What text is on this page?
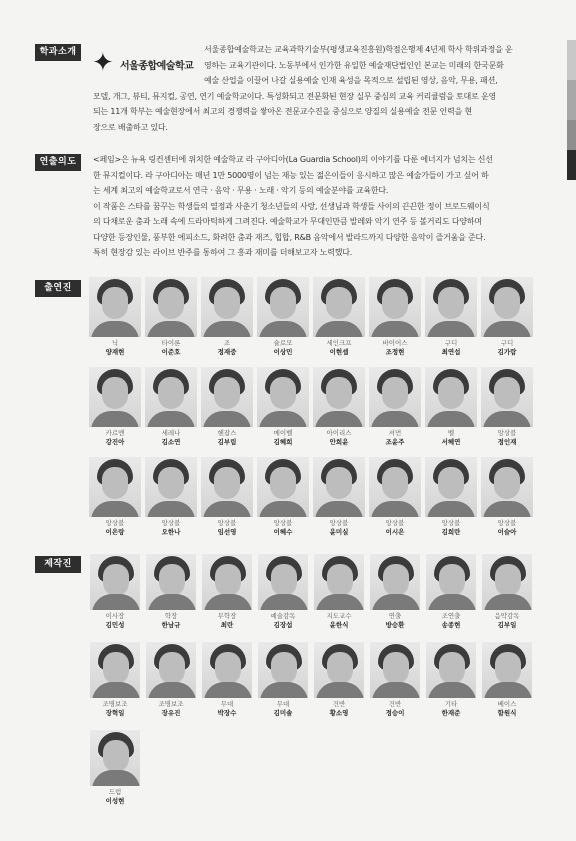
학과소개 ✦ 서울종합예술학교

서울종합예술학교는 교육과학기술부(평생교육진흥원)학점은행제 4년제 학사 학위과정을 운

영하는 교육기관이다. 노동부에서 인가한 유일한 예술재단법인인 본교는 미래의 한국문화

예술 산업을 이끌어 나갈 실용예술 인재 육성을 목적으로 설립된 영상, 음악, 무용, 패션,

모델, 개그, 뷰티, 뮤지컬, 공연, 연기 예술학교이다. 특성화되고 전문화된 현장 실무 중심의 교육 커리큘럼을 토대로 운영

되는 11개 학부는 예술현장에서 최고의 경쟁력을 쌓아온 전문교수진을 중심으로 양질의 실용예술 전문 인력을 현

장으로 배출하고 있다.

연출의도	<페임>은 뉴욕 링컨센터에 위치한 예술학교 라 구아디아(La Guardia School)의 이야기를 다룬 에너지가 넘치는 신선

한 뮤지컬이다. 라 구아디아는 매년 1만 5000명이 넘는 재능 있는 젊은이들이 응시하고 많은 예술가들이 가고 싶어 하

는 세계 최고의 예술학교로서 연극 · 음악 · 무용 · 노래 · 악기 등의 예술분야를 교육한다.

이 작품은 스타를 꿈꾸는 학생들의 열정과 사춘기 청소년들의 사랑, 선생님과 학생들 사이의 끈끈한 정이 브로드웨이식

의 다채로운 춤과 노래 속에 드라마틱하게 그려진다. 예술학교가 무대인만큼 발레와 악기 연주 등 볼거리도 다양하며

다양한 등장인물, 풍부한 에피소드, 화려한 춤과 재즈, 힙합, R&B 음악에서 발라드까지 다양한 음악이 즐거움을 준다.

특히 현장감 있는 라이브 반주를 통하여 그 흥과 재미를 더해보고자 노력했다.

출연진
닉
양재현
타이론
이준호
조
정재중
슐로모
이상민
세인크프
이현셉
바이어스
조정현
구디
최연섭
구디
김가람
카르멘
강진아
세레나
김소연
헨잡스
김부림
메이벨
김혜희
아이리스
안희윤
셔먼
조윤주
벨
서혜연
앙상블
정인재
앙상블
이은랑
앙상블
오한나
앙상블
임선영
앙상블
이혜수
앙상블
윤미실
앙상블
이시은
앙상블
김희란
앙상블
이슬아
제작진
이사장
김민성
학장
한남규
무학장
최란
예술감독
김장섭
지도교수
윤한식
연출
방승환
조연출
송종현
음악감독
김부일
조명보조
장혁일
조명보조
장유진
무대
박장수
무대
김미솔
건반
황소영
건반
정승이
기타
한재준
베이스
함원식
드럼
이성현
